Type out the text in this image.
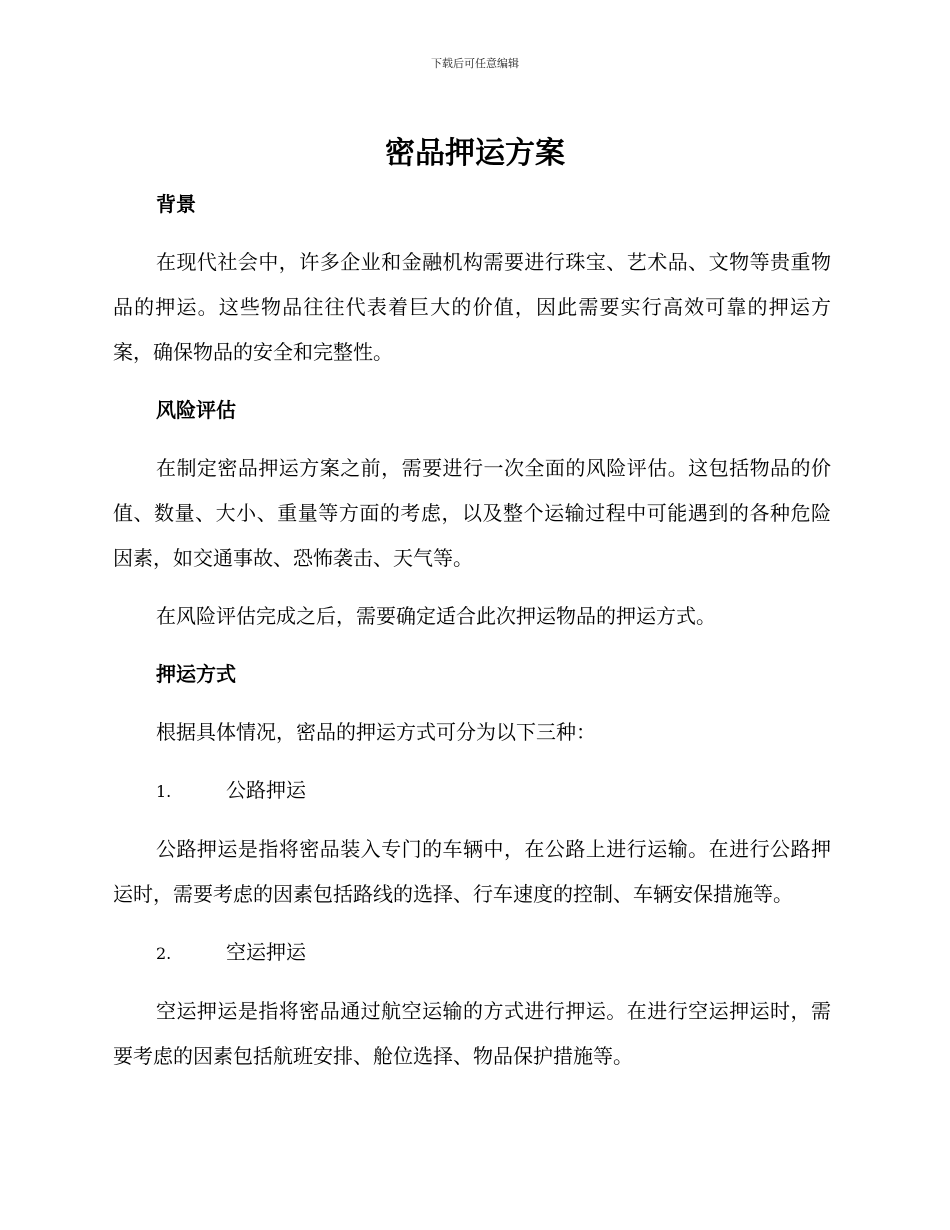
下载后可任意编辑
密品押运方案
背景

在现代社会中，许多企业和金融机构需要进行珠宝、艺术品、文物等贵重物品的押运。这些物品往往代表着巨大的价值，因此需要实行高效可靠的押运方案，确保物品的安全和完整性。

风险评估

在制定密品押运方案之前，需要进行一次全面的风险评估。这包括物品的价值、数量、大小、重量等方面的考虑，以及整个运输过程中可能遇到的各种危险因素，如交通事故、恐怖袭击、天气等。

在风险评估完成之后，需要确定适合此次押运物品的押运方式。

押运方式

根据具体情况，密品的押运方式可分为以下三种：

1.	公路押运

公路押运是指将密品装入专门的车辆中，在公路上进行运输。在进行公路押运时，需要考虑的因素包括路线的选择、行车速度的控制、车辆安保措施等。

2.	空运押运

空运押运是指将密品通过航空运输的方式进行押运。在进行空运押运时，需要考虑的因素包括航班安排、舱位选择、物品保护措施等。
